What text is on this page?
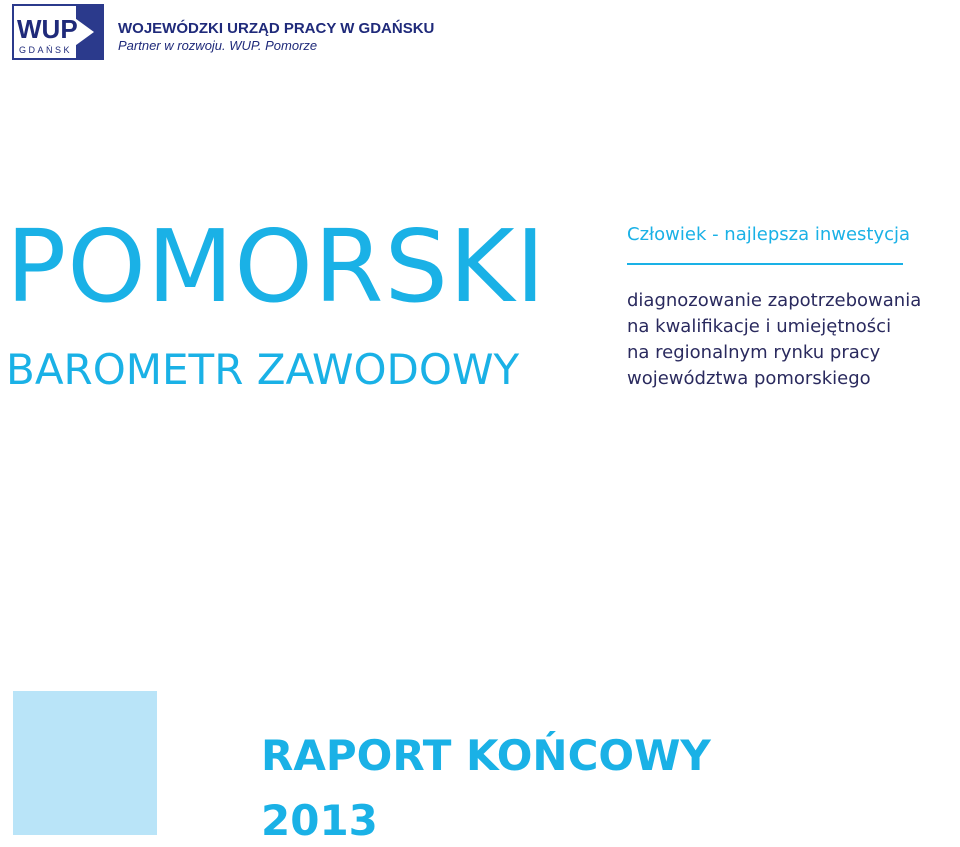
WUP
GDAŃSK
WOJEWÓDZKI URZĄD PRACY W GDAŃSKU
Partner w rozwoju. WUP. Pomorze
POMORSKI
BAROMETR ZAWODOWY
Człowiek - najlepsza inwestycja
diagnozowanie zapotrzebowania
na kwalifikacje i umiejętności
na regionalnym rynku pracy
województwa pomorskiego
RAPORT KOŃCOWY
2013
